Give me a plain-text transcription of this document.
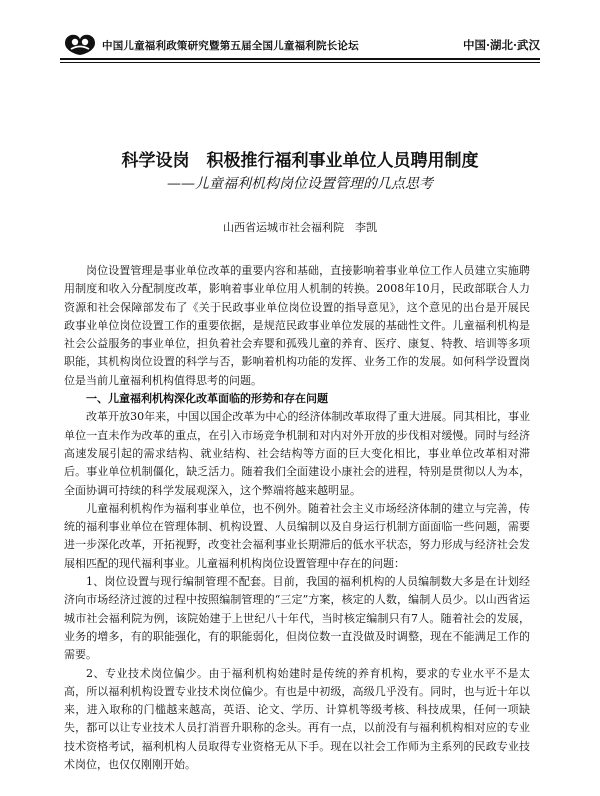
中国儿童福利政策研究暨第五届全国儿童福利院长论坛	中国·湖北·武汉
科学设岗　积极推行福利事业单位人员聘用制度
——儿童福利机构岗位设置管理的几点思考
山西省运城市社会福利院　李凯

岗位设置管理是事业单位改革的重要内容和基础，直接影响着事业单位工作人员建立实施聘用制度和收入分配制度改革，影响着事业单位用人机制的转换。2008年10月，民政部联合人力资源和社会保障部发布了《关于民政事业单位岗位设置的指导意见》，这个意见的出台是开展民政事业单位岗位设置工作的重要依据，是规范民政事业单位发展的基础性文件。儿童福利机构是社会公益服务的事业单位，担负着社会弃婴和孤残儿童的养育、医疗、康复、特教、培训等多项职能，其机构岗位设置的科学与否，影响着机构功能的发挥、业务工作的发展。如何科学设置岗位是当前儿童福利机构值得思考的问题。

一、儿童福利机构深化改革面临的形势和存在问题

改革开放30年来，中国以国企改革为中心的经济体制改革取得了重大进展。同其相比，事业单位一直未作为改革的重点，在引入市场竞争机制和对内对外开放的步伐相对缓慢。同时与经济高速发展引起的需求结构、就业结构、社会结构等方面的巨大变化相比，事业单位改革相对滞后。事业单位机制僵化，缺乏活力。随着我们全面建设小康社会的进程，特别是贯彻以人为本，全面协调可持续的科学发展观深入，这个弊端将越来越明显。

儿童福利机构作为福利事业单位，也不例外。随着社会主义市场经济体制的建立与完善，传统的福利事业单位在管理体制、机构设置、人员编制以及自身运行机制方面面临一些问题，需要进一步深化改革，开拓视野，改变社会福利事业长期滞后的低水平状态，努力形成与经济社会发展相匹配的现代福利事业。儿童福利机构岗位设置管理中存在的问题：

1、岗位设置与现行编制管理不配套。目前，我国的福利机构的人员编制数大多是在计划经济向市场经济过渡的过程中按照编制管理的“三定”方案，核定的人数，编制人员少。以山西省运城市社会福利院为例，该院始建于上世纪八十年代，当时核定编制只有7人。随着社会的发展，业务的增多，有的职能强化，有的职能弱化，但岗位数一直没做及时调整，现在不能满足工作的需要。

2、专业技术岗位偏少。由于福利机构始建时是传统的养育机构，要求的专业水平不是太高，所以福利机构设置专业技术岗位偏少。有也是中初级，高级几乎没有。同时，也与近十年以来，进入取称的门槛越来越高，英语、论文、学历、计算机等级考核、科技成果，任何一项缺失，都可以让专业技术人员打消晋升职称的念头。再有一点，以前没有与福利机构相对应的专业技术资格考试，福利机构人员取得专业资格无从下手。现在以社会工作师为主系列的民政专业技术岗位，也仅仅刚刚开始。
